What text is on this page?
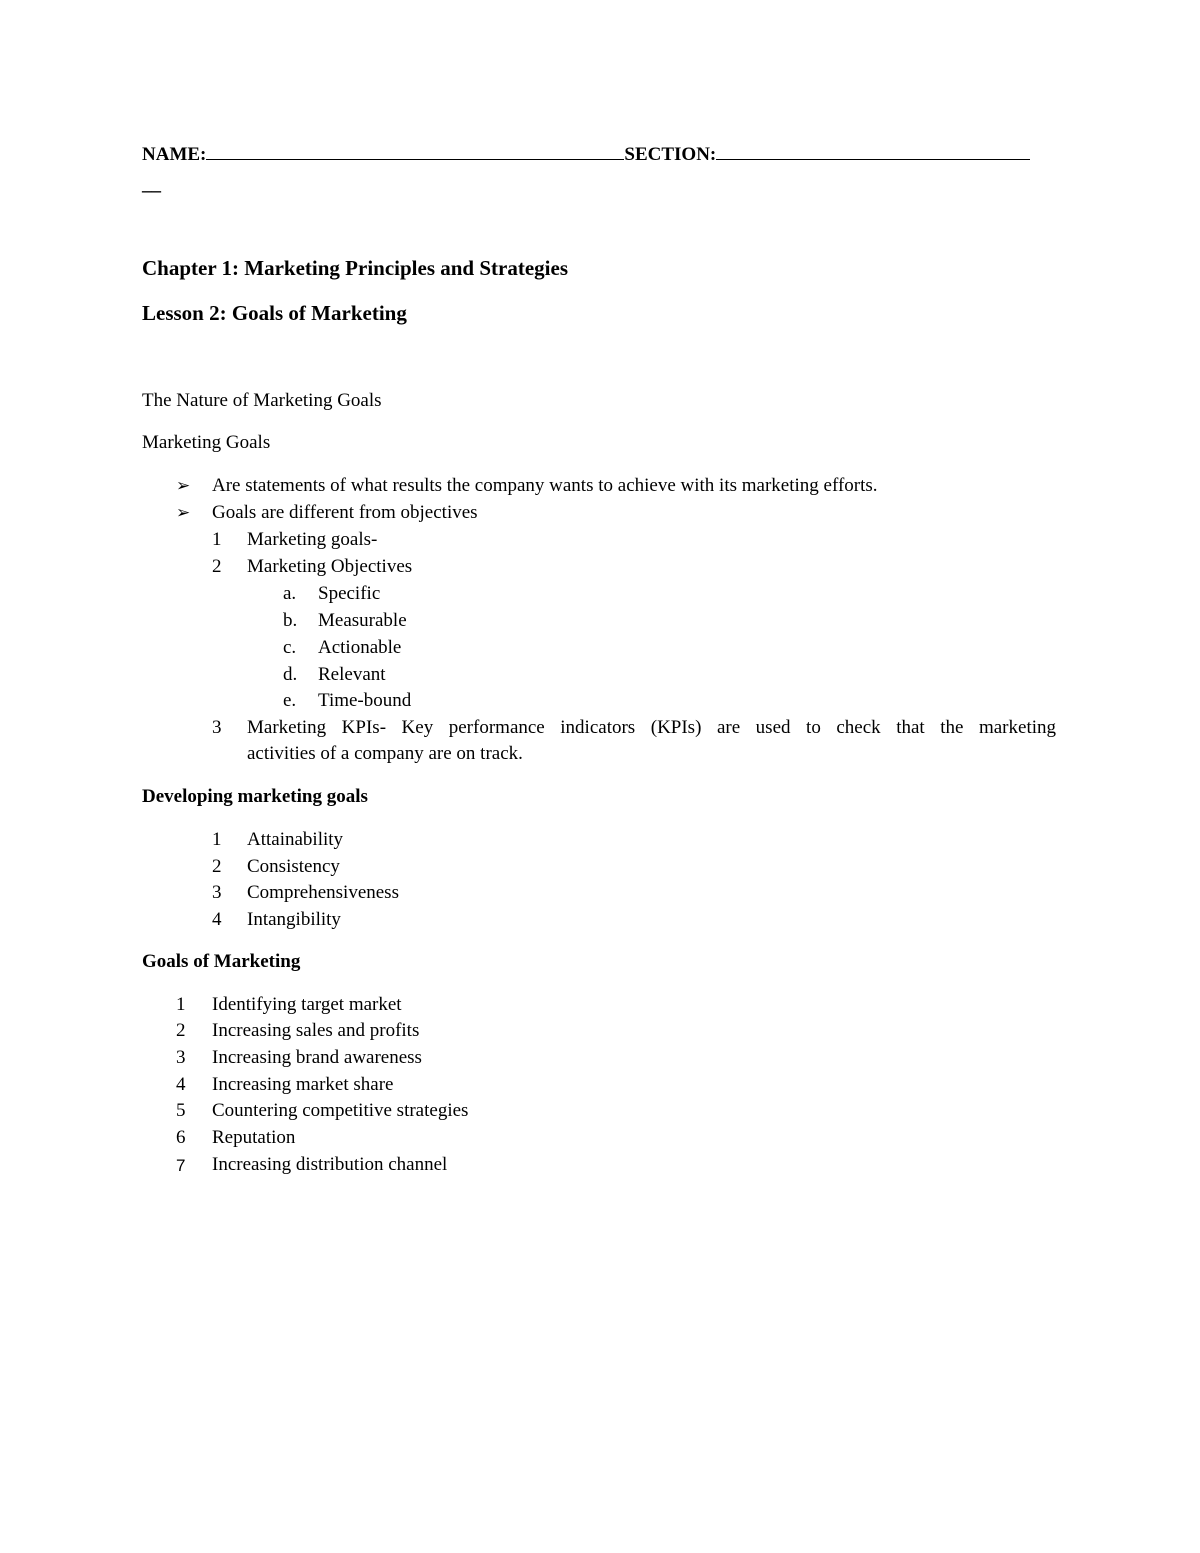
NAME:	SECTION:
__
Chapter 1: Marketing Principles and Strategies
Lesson 2: Goals of Marketing
The Nature of Marketing Goals
Marketing Goals
➢ Are statements of what results the company wants to achieve with its marketing efforts.
➢ Goals are different from objectives
1 Marketing goals-
2 Marketing Objectives
a. Specific
b. Measurable
c. Actionable
d. Relevant
e. Time-bound
3 Marketing KPIs- Key performance indicators (KPIs) are used to check that the marketing
activities of a company are on track.
Developing marketing goals
1 Attainability
2 Consistency
3 Comprehensiveness
4 Intangibility
Goals of Marketing
1 Identifying target market
2 Increasing sales and profits
3 Increasing brand awareness
4 Increasing market share
5 Countering competitive strategies
6 Reputation
7 Increasing distribution channel
